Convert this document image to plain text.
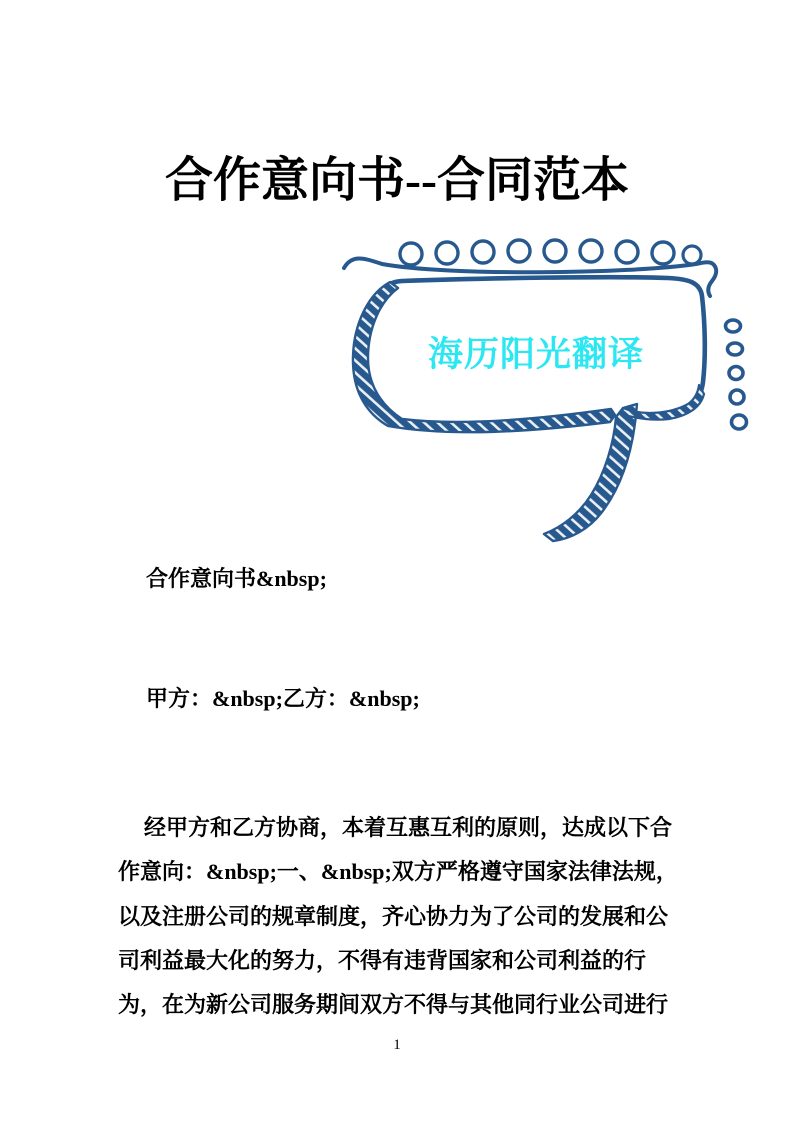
合作意向书--合同范本
海历阳光翻译
合作意向书&nbsp;
甲方：&nbsp;乙方：&nbsp;
经甲方和乙方协商，本着互惠互利的原则，达成以下合
作意向：&nbsp;一、&nbsp;双方严格遵守国家法律法规，
以及注册公司的规章制度，齐心协力为了公司的发展和公
司利益最大化的努力，不得有违背国家和公司利益的行
为，在为新公司服务期间双方不得与其他同行业公司进行
1
